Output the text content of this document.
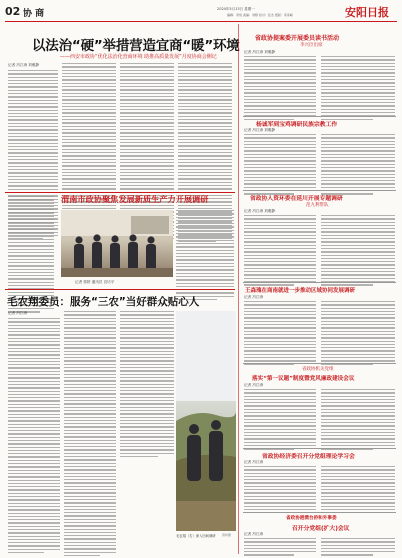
02 协 商	2024年5月13日 星期一
编辑：李悦 美编：刘婷 校对：张杰 组版：李彦峰	安阳日报
以法治“硬”举措营造宜商“暖”环境
——西安市政协“优化法治化营商环境 助推高质量发展”月度协商会侧记
记者 冯江涛 刘雅静
渭南市政协聚焦发展新质生产力开展调研
记者 郭婷 通讯员 宫坊平
毛农翔委员：服务“三农”当好群众贴心人
记者 冯江涛
毛农翔（右）深入田间调研 资料图
省政协提案委开展委员读书活动
李兴臣出席
记者 冯江涛 刘雅静
杨诚军到宝鸡调研民族宗教工作
记者 冯江涛 刘雅静
省政协人资环委在延川开展专题调研
范九利带队
记者 冯江涛 刘雅静
王森瑰在商南就进一步推动区域协同发展调研
记者 冯江涛
省政协机关党组
落实“第一议题”制度暨党风廉政建设会议
记者 冯江涛
省政协经济委召开分党组理论学习会
记者 冯江涛
省政协港澳台侨和外事委
召开分党组(扩大)会议
记者 冯江涛
